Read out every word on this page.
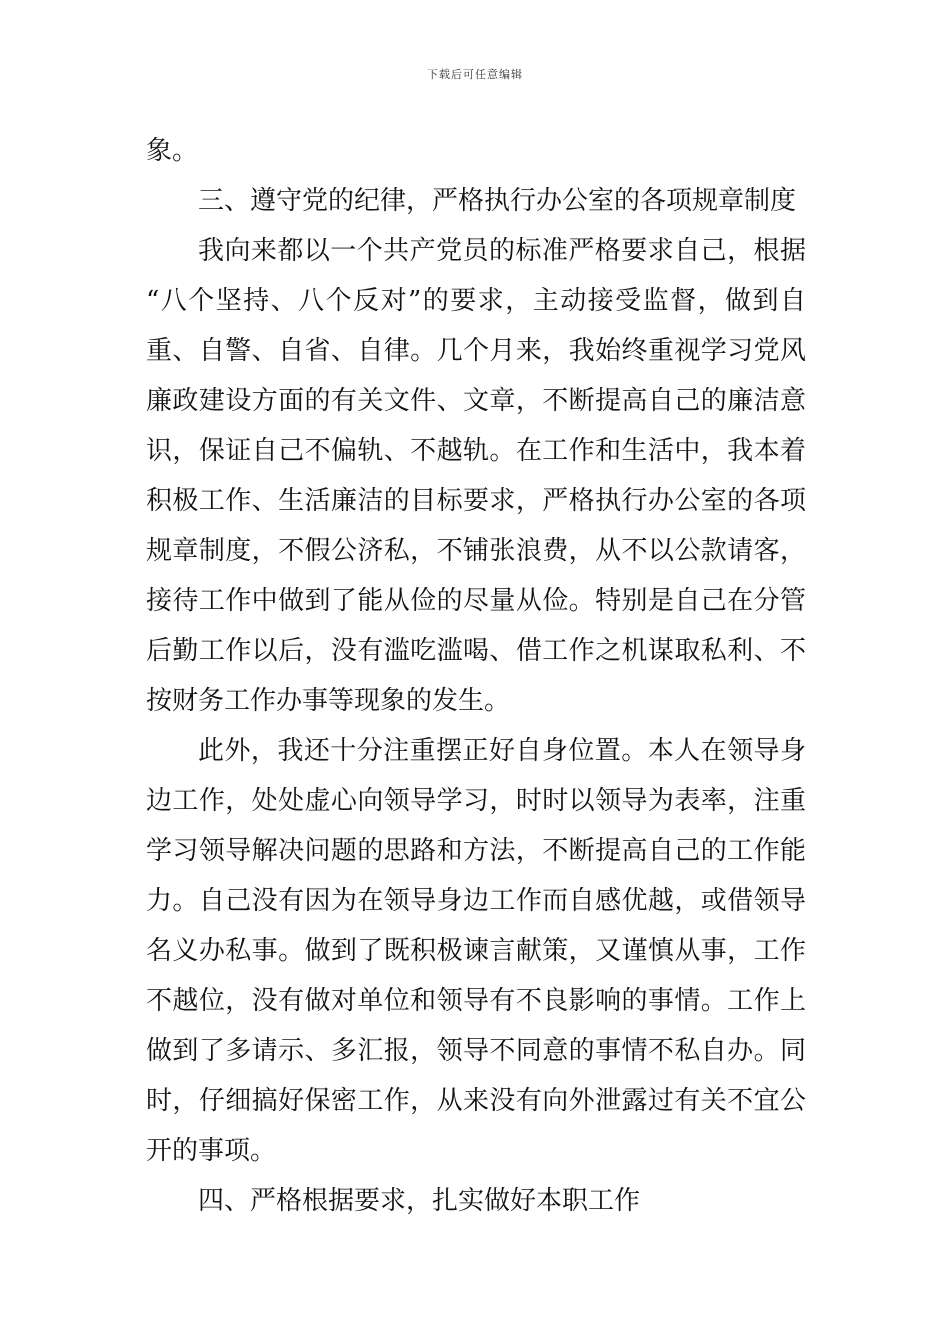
下载后可任意编辑
象。
三、遵守党的纪律，严格执行办公室的各项规章制度
我向来都以一个共产党员的标准严格要求自己，根据
“八个坚持、八个反对”的要求，主动接受监督，做到自
重、自警、自省、自律。几个月来，我始终重视学习党风
廉政建设方面的有关文件、文章，不断提高自己的廉洁意
识，保证自己不偏轨、不越轨。在工作和生活中，我本着
积极工作、生活廉洁的目标要求，严格执行办公室的各项
规章制度，不假公济私，不铺张浪费，从不以公款请客，
接待工作中做到了能从俭的尽量从俭。特别是自己在分管
后勤工作以后，没有滥吃滥喝、借工作之机谋取私利、不
按财务工作办事等现象的发生。
此外，我还十分注重摆正好自身位置。本人在领导身
边工作，处处虚心向领导学习，时时以领导为表率，注重
学习领导解决问题的思路和方法，不断提高自己的工作能
力。自己没有因为在领导身边工作而自感优越，或借领导
名义办私事。做到了既积极谏言献策，又谨慎从事，工作
不越位，没有做对单位和领导有不良影响的事情。工作上
做到了多请示、多汇报，领导不同意的事情不私自办。同
时，仔细搞好保密工作，从来没有向外泄露过有关不宜公
开的事项。
四、严格根据要求，扎实做好本职工作
